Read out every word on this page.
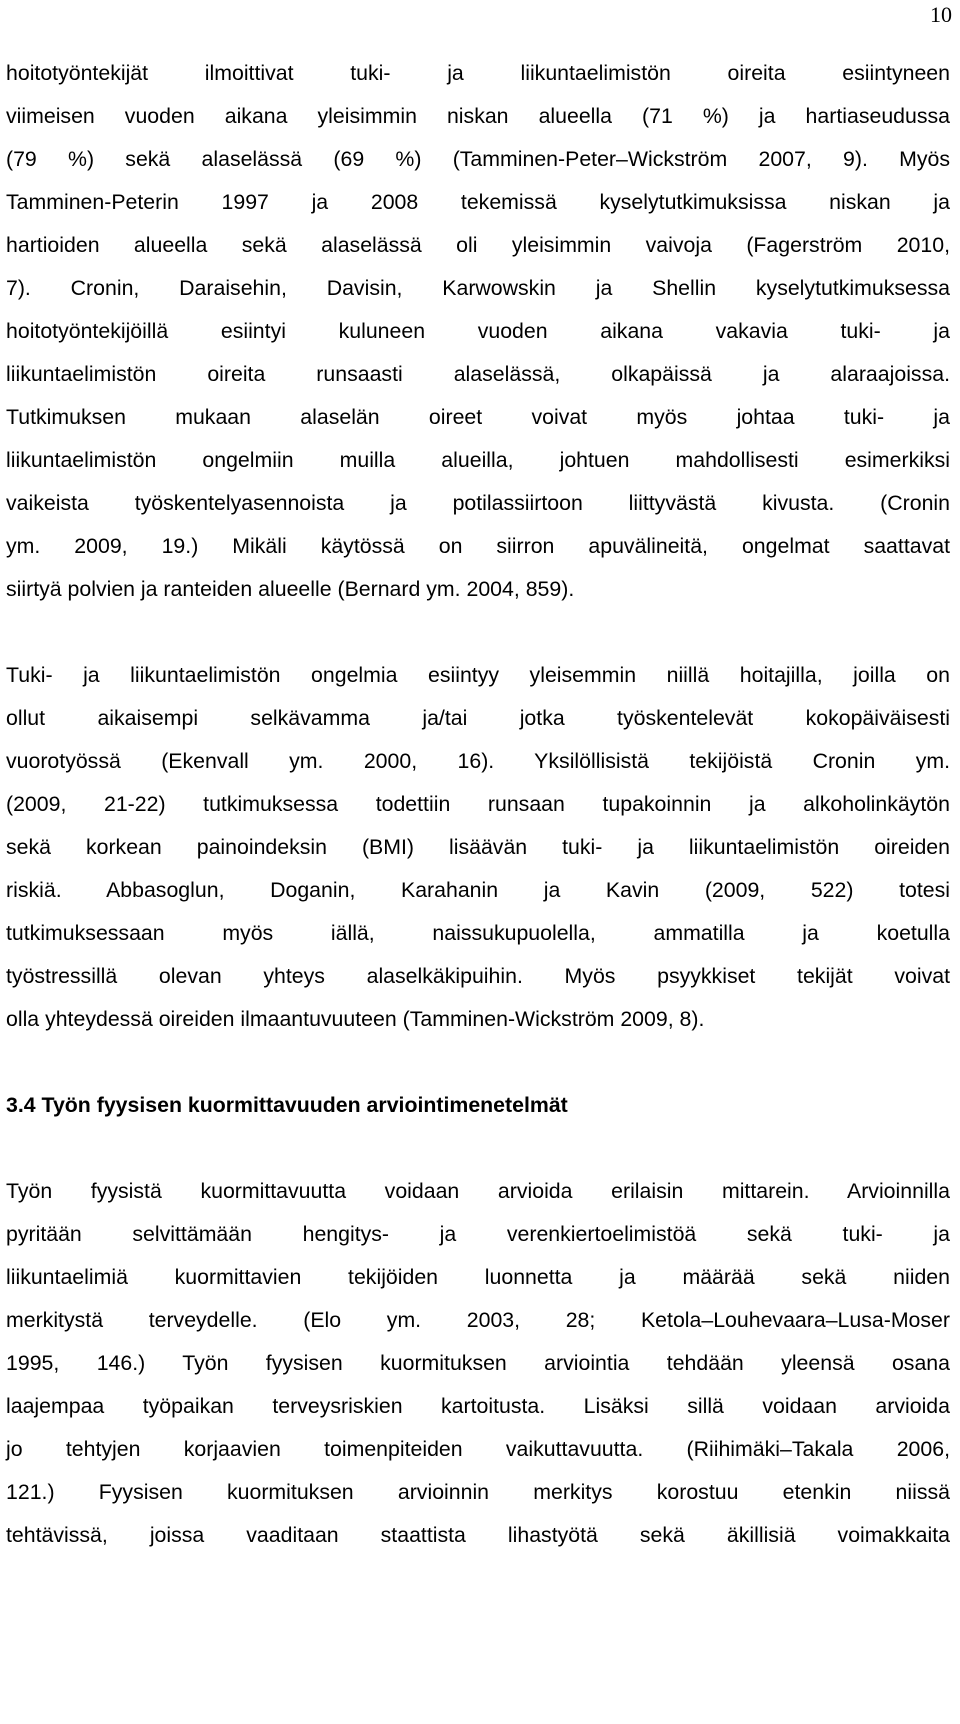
10
hoitotyöntekijät ilmoittivat tuki- ja liikuntaelimistön oireita esiintyneen
viimeisen vuoden aikana yleisimmin niskan alueella (71 %) ja hartiaseudussa
(79 %) sekä alaselässä (69 %) (Tamminen-Peter–Wickström 2007, 9). Myös
Tamminen-Peterin 1997 ja 2008 tekemissä kyselytutkimuksissa niskan ja
hartioiden alueella sekä alaselässä oli yleisimmin vaivoja (Fagerström 2010,
7). Cronin, Daraisehin, Davisin, Karwowskin ja Shellin kyselytutkimuksessa
hoitotyöntekijöillä esiintyi kuluneen vuoden aikana vakavia tuki- ja
liikuntaelimistön oireita runsaasti alaselässä, olkapäissä ja alaraajoissa.
Tutkimuksen mukaan alaselän oireet voivat myös johtaa tuki- ja
liikuntaelimistön ongelmiin muilla alueilla, johtuen mahdollisesti esimerkiksi
vaikeista työskentelyasennoista ja potilassiirtoon liittyvästä kivusta. (Cronin
ym. 2009, 19.) Mikäli käytössä on siirron apuvälineitä, ongelmat saattavat
siirtyä polvien ja ranteiden alueelle (Bernard ym. 2004, 859).
Tuki- ja liikuntaelimistön ongelmia esiintyy yleisemmin niillä hoitajilla, joilla on
ollut aikaisempi selkävamma ja/tai jotka työskentelevät kokopäiväisesti
vuorotyössä (Ekenvall ym. 2000, 16). Yksilöllisistä tekijöistä Cronin ym.
(2009, 21-22) tutkimuksessa todettiin runsaan tupakoinnin ja alkoholinkäytön
sekä korkean painoindeksin (BMI) lisäävän tuki- ja liikuntaelimistön oireiden
riskiä. Abbasoglun, Doganin, Karahanin ja Kavin (2009, 522) totesi
tutkimuksessaan myös iällä, naissukupuolella, ammatilla ja koetulla
työstressillä olevan yhteys alaselkäkipuihin. Myös psyykkiset tekijät voivat
olla yhteydessä oireiden ilmaantuvuuteen (Tamminen-Wickström 2009, 8).
3.4 Työn fyysisen kuormittavuuden arviointimenetelmät
Työn fyysistä kuormittavuutta voidaan arvioida erilaisin mittarein. Arvioinnilla
pyritään selvittämään hengitys- ja verenkiertoelimistöä sekä tuki- ja
liikuntaelimiä kuormittavien tekijöiden luonnetta ja määrää sekä niiden
merkitystä terveydelle. (Elo ym. 2003, 28; Ketola–Louhevaara–Lusa-Moser
1995, 146.) Työn fyysisen kuormituksen arviointia tehdään yleensä osana
laajempaa työpaikan terveysriskien kartoitusta. Lisäksi sillä voidaan arvioida
jo tehtyjen korjaavien toimenpiteiden vaikuttavuutta. (Riihimäki–Takala 2006,
121.) Fyysisen kuormituksen arvioinnin merkitys korostuu etenkin niissä
tehtävissä, joissa vaaditaan staattista lihastyötä sekä äkillisiä voimakkaita
